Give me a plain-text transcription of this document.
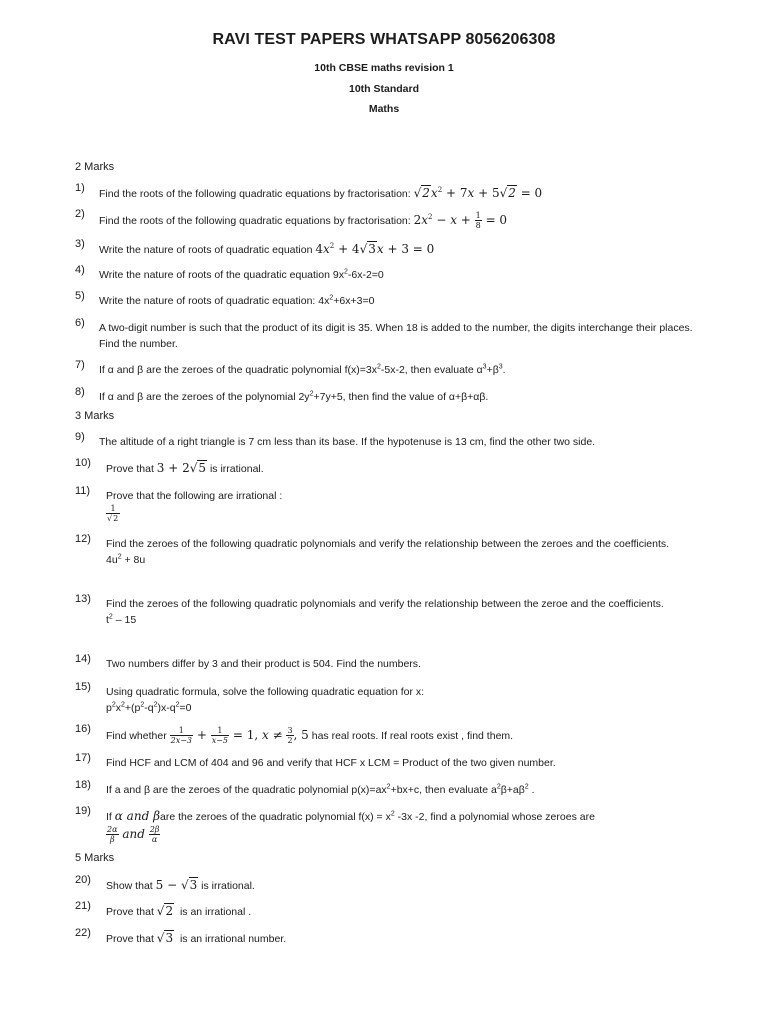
RAVI TEST PAPERS WHATSAPP 8056206308
10th CBSE maths revision 1
10th Standard
Maths
2 Marks
1)	Find the roots of the following quadratic equations by fractorisation: $√2x^2 + 7x + 5√2 = 0$
2)
Find the roots of the following quadratic equations by fractorisation: $2x^2 - x + \frac{1}{8} = 0$
3)	Write the nature of roots of quadratic equation $4x^2 + 4√3x + 3 = 0$
4)	Write the nature of roots of the quadratic equation $9x^2-6x-2=0$
5)	Write the nature of roots of quadratic equation: $4x^2+6x+3=0$
6)	A two-digit number is such that the product of its digit is 35. When 18 is added to the number, the digits interchange their places. Find the number.
7)	If α and β are the zeroes of the quadratic polynomial $f(x)=3x^2-5x-2$, then evaluate $\alpha^3+\beta^3$.
8)	If α and β are the zeroes of the polynomial $2y^2+7y+5$, then find the value of α+β+αβ.
3 Marks
9)	The altitude of a right triangle is 7 cm less than its base. If the hypotenuse is 13 cm, find the other two side.
10)	Prove that 3 + 2√5 is irrational.
11)	Prove that the following are irrational :

$\frac{1}{√2}$
12)	Find the zeroes of the following quadratic polynomials and verify the relationship between the zeroes and the coefficients.
$4u^2 + 8u$
13)	Find the zeroes of the following quadratic polynomials and verify the relationship between the zeroe and the coefficients.
$t^2 - 15$
14)	Two numbers differ by 3 and their product is 504. Find the numbers.
15)	Using quadratic formula, solve the following quadratic equation for x:
$p^2x^2+(p^2-q^2)x-q^2=0$
16)
Find whether $\frac{1}{2x-3} + \frac{1}{x-5} = 1$, $x \ne \frac{3}{2}$ , 5 has real roots. If real roots exist , find them.
17)	Find HCF and LCM of 404 and 96 and verify that HCF x LCM = Product of the two given number.
18)	If a and β are the zeroes of the quadratic polynomial $p(x)=ax^2+bx+c$, then evaluate $a^2\beta+a\beta^2$ .
19)	If α and βare the zeroes of the quadratic polynomial $f(x) = x^2$ -3x -2, find a polynomial whose zeroes are

$\frac{2\alpha}{\beta}$ and $\frac{2\beta}{\alpha}$
5 Marks
20)	Show that 5 − √3 is irrational.
21)	Prove that √2 is an irrational .
22)	Prove that √3 is an irrational number.
